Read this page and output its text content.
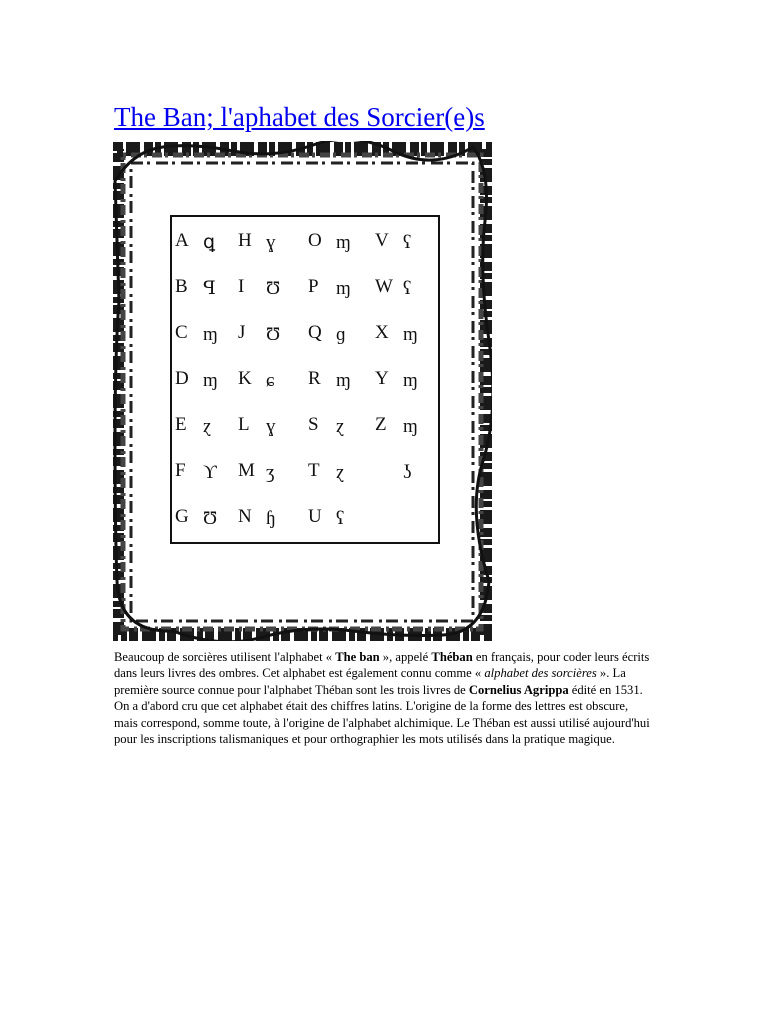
The Ban; l'aphabet des Sorcier(e)s
A ꝗ
B ꟼ
C ɱ
D ɱ
E ɀ
F ϒ
G Ʊ
H ɣ
I Ʊ
J Ʊ
K ɕ
L ɣ
M ʒ
N ɧ
O ɱ
P ɱ
Q ɡ
R ɱ
S ɀ
T ɀ
U ʕ
V ʕ
W ʕ
X ɱ
Y ɱ
Z ɱ
ʖ

Beaucoup de sorcières utilisent l'alphabet « The ban », appelé Théban en français, pour coder leurs écrits dans leurs livres des ombres. Cet alphabet est également connu comme « alphabet des sorcières ». La première source connue pour l'alphabet Théban sont les trois livres de Cornelius Agrippa édité en 1531. On a d'abord cru que cet alphabet était des chiffres latins. L'origine de la forme des lettres est obscure, mais correspond, somme toute, à l'origine de l'alphabet alchimique. Le Théban est aussi utilisé aujourd'hui pour les inscriptions talismaniques et pour orthographier les mots utilisés dans la pratique magique.
